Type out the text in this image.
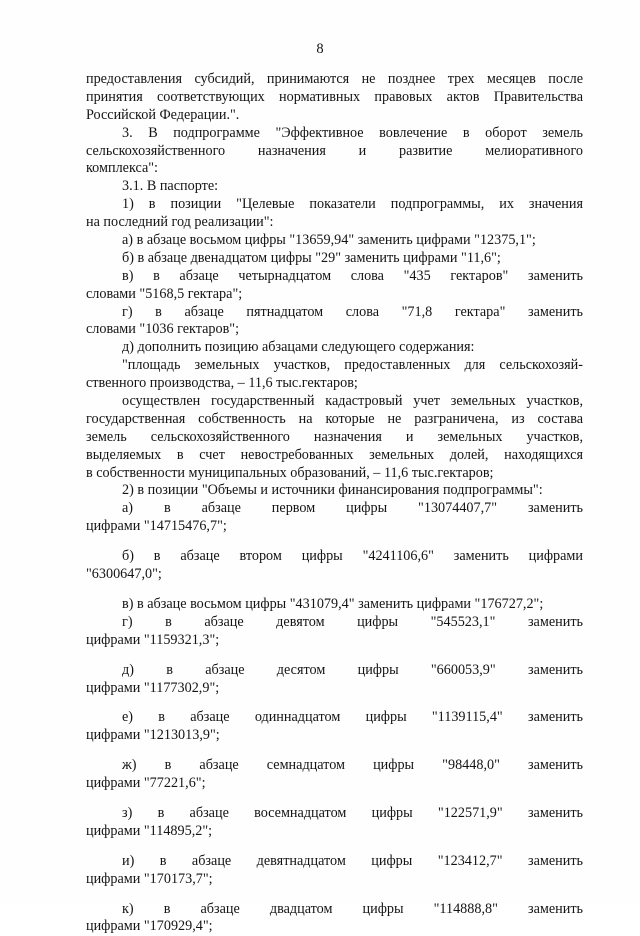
8
предоставления субсидий, принимаются не позднее трех месяцев после
принятия соответствующих нормативных правовых актов Правительства
Российской Федерации.".
3. В подпрограмме "Эффективное вовлечение в оборот земель
сельскохозяйственного назначения и развитие мелиоративного
комплекса":
3.1. В паспорте:
1) в позиции "Целевые показатели подпрограммы, их значения
на последний год реализации":
а) в абзаце восьмом цифры "13659,94" заменить цифрами "12375,1";
б) в абзаце двенадцатом цифры "29" заменить цифрами "11,6";
в) в абзаце четырнадцатом слова "435 гектаров" заменить
словами "5168,5 гектара";
г) в абзаце пятнадцатом слова "71,8 гектара" заменить
словами "1036 гектаров";
д) дополнить позицию абзацами следующего содержания:
"площадь земельных участков, предоставленных для сельскохозяй-
ственного производства, – 11,6 тыс.гектаров;
осуществлен государственный кадастровый учет земельных участков,
государственная собственность на которые не разграничена, из состава
земель сельскохозяйственного назначения и земельных участков,
выделяемых в счет невостребованных земельных долей, находящихся
в собственности муниципальных образований, – 11,6 тыс.гектаров;
2) в позиции "Объемы и источники финансирования подпрограммы":
а) в абзаце первом цифры "13074407,7" заменить
цифрами "14715476,7";
б) в абзаце втором цифры "4241106,6" заменить цифрами
"6300647,0";
в) в абзаце восьмом цифры "431079,4" заменить цифрами "176727,2";
г) в абзаце девятом цифры "545523,1" заменить
цифрами "1159321,3";
д) в абзаце десятом цифры "660053,9" заменить
цифрами "1177302,9";
е) в абзаце одиннадцатом цифры "1139115,4" заменить
цифрами "1213013,9";
ж) в абзаце семнадцатом цифры "98448,0" заменить
цифрами "77221,6";
з) в абзаце восемнадцатом цифры "122571,9" заменить
цифрами "114895,2";
и) в абзаце девятнадцатом цифры "123412,7" заменить
цифрами "170173,7";
к) в абзаце двадцатом цифры "114888,8" заменить
цифрами "170929,4";
